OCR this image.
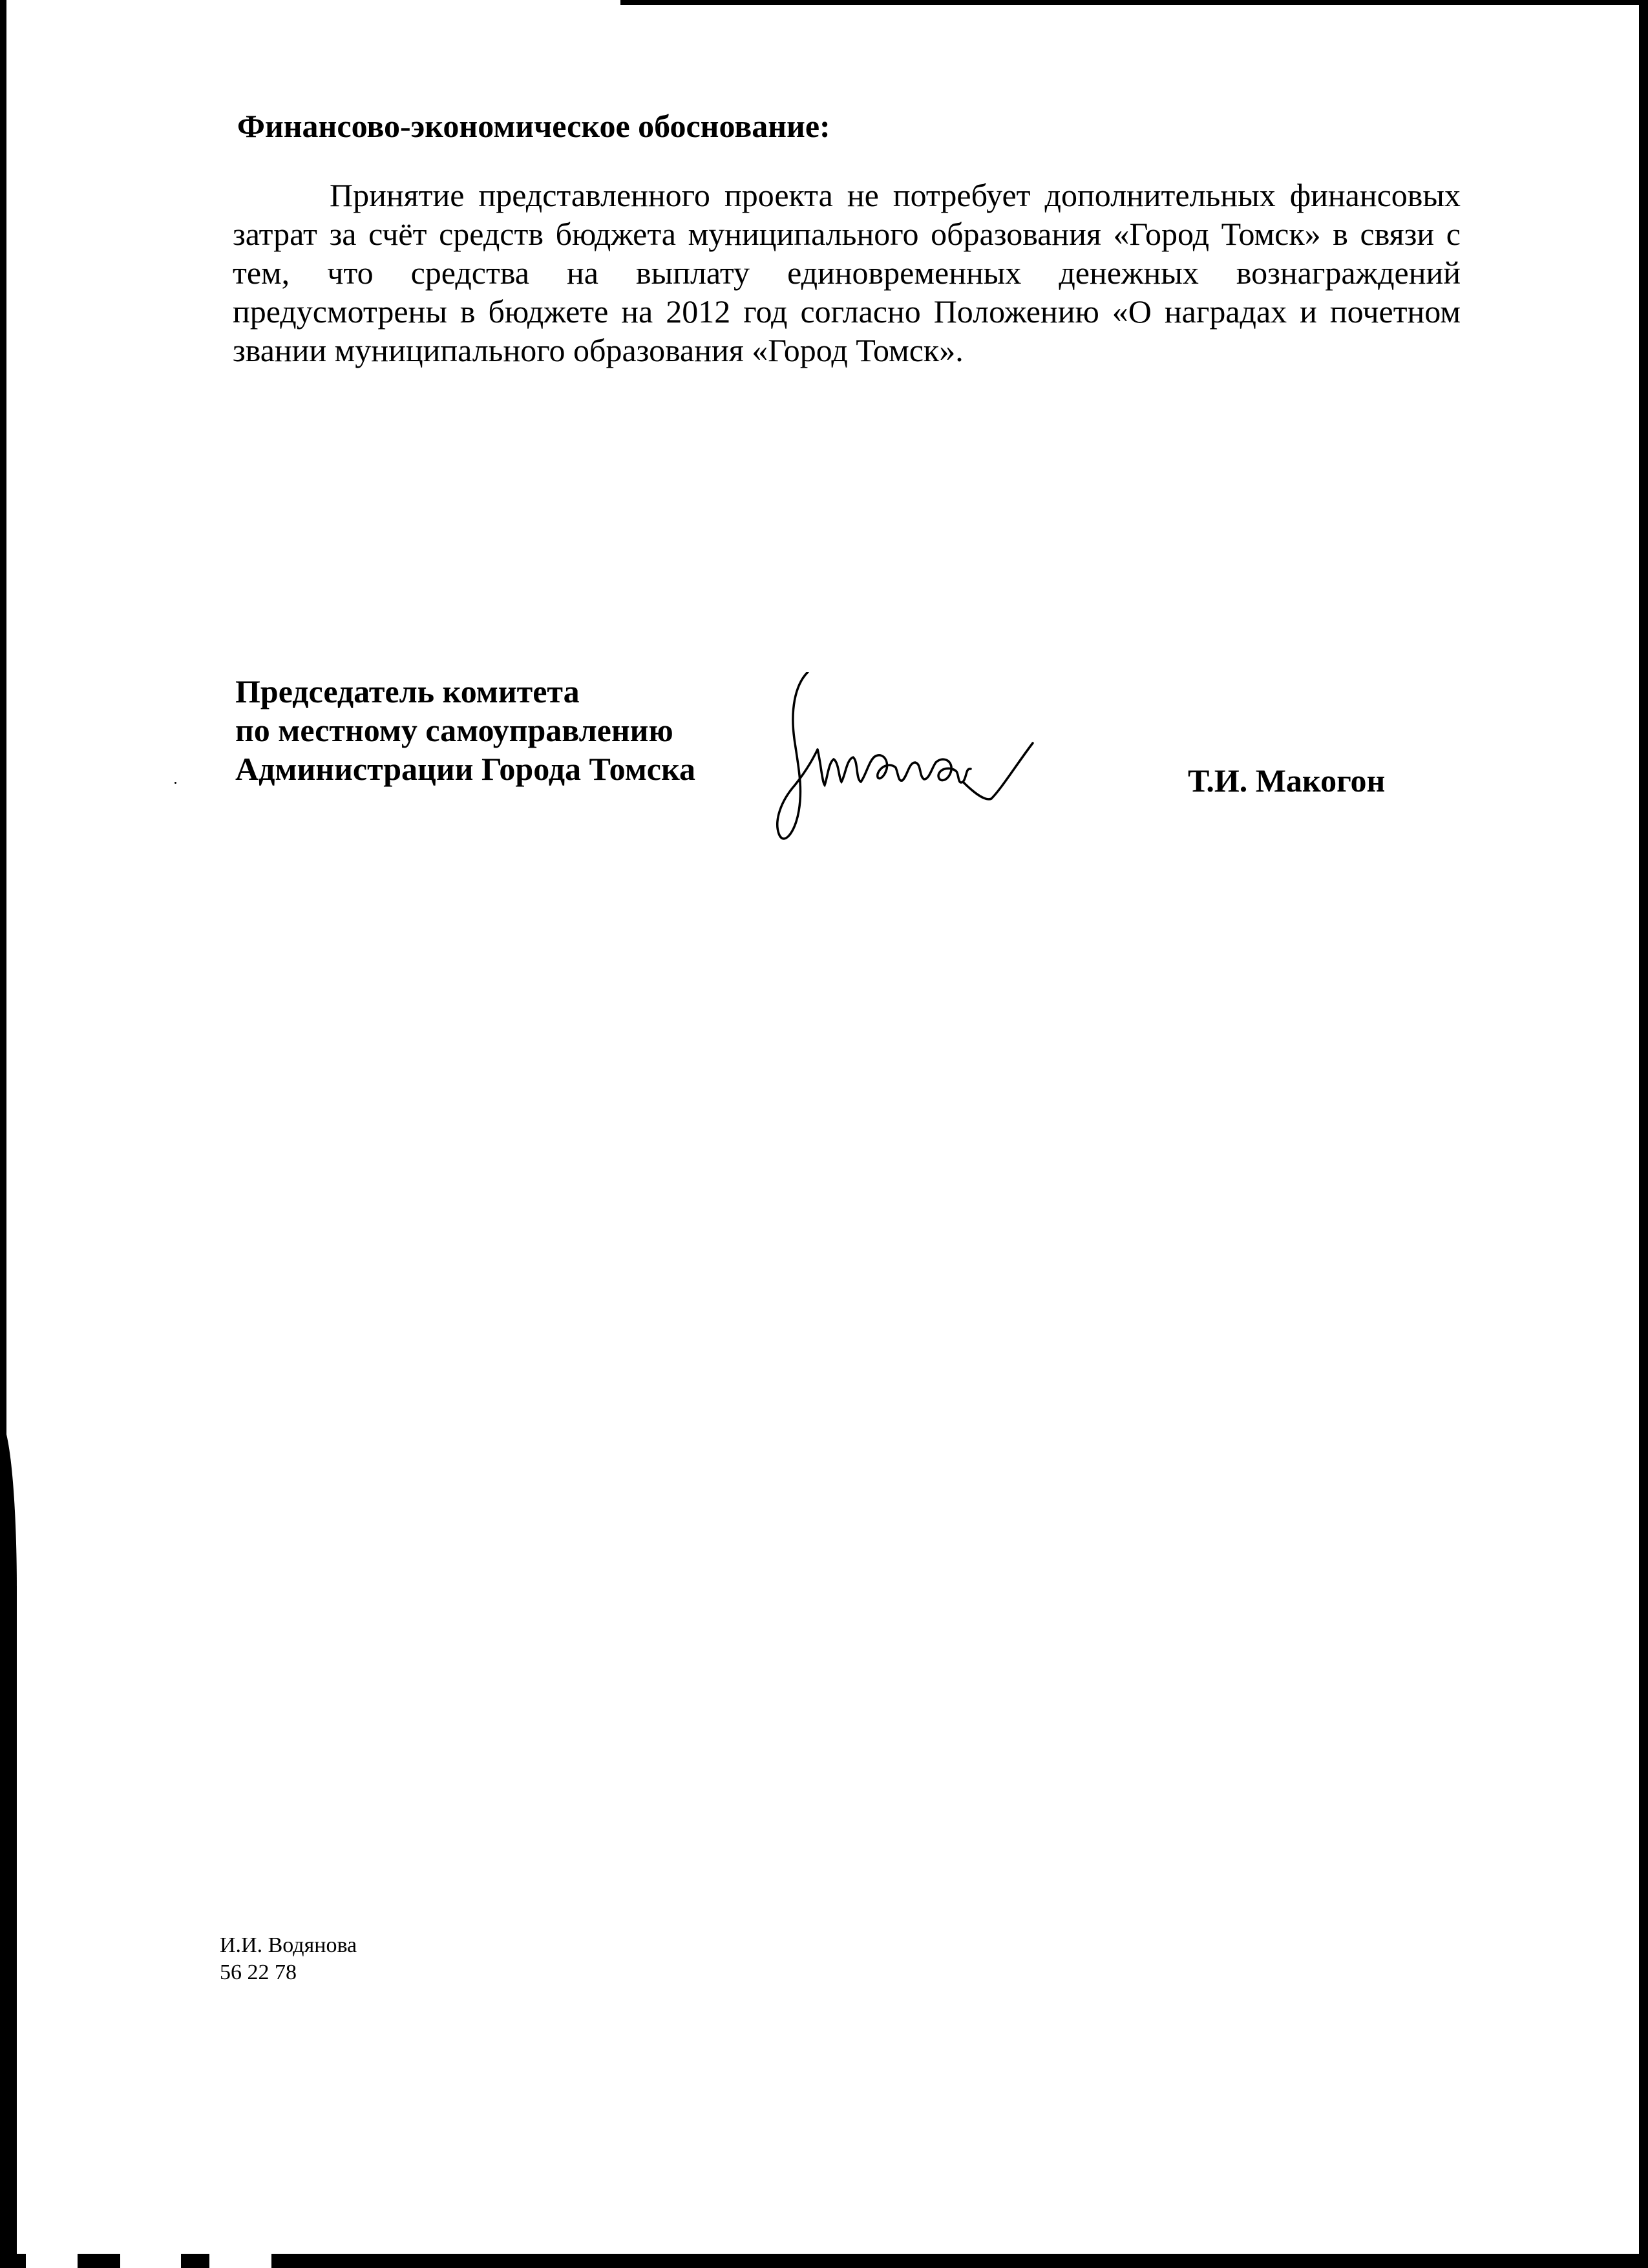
Финансово-экономическое обоснование:
Принятие представленного проекта не потребует дополнительных финансовых затрат за счёт средств бюджета муниципального образования «Город Томск» в связи с тем, что средства на выплату единовременных денежных вознаграждений предусмотрены в бюджете на 2012 год согласно Положению «О наградах и почетном звании муниципального образования «Город Томск».
Председатель комитета
по местному самоуправлению
Администрации Города Томска	Т.И. Макогон
И.И. Водянова
56 22 78
